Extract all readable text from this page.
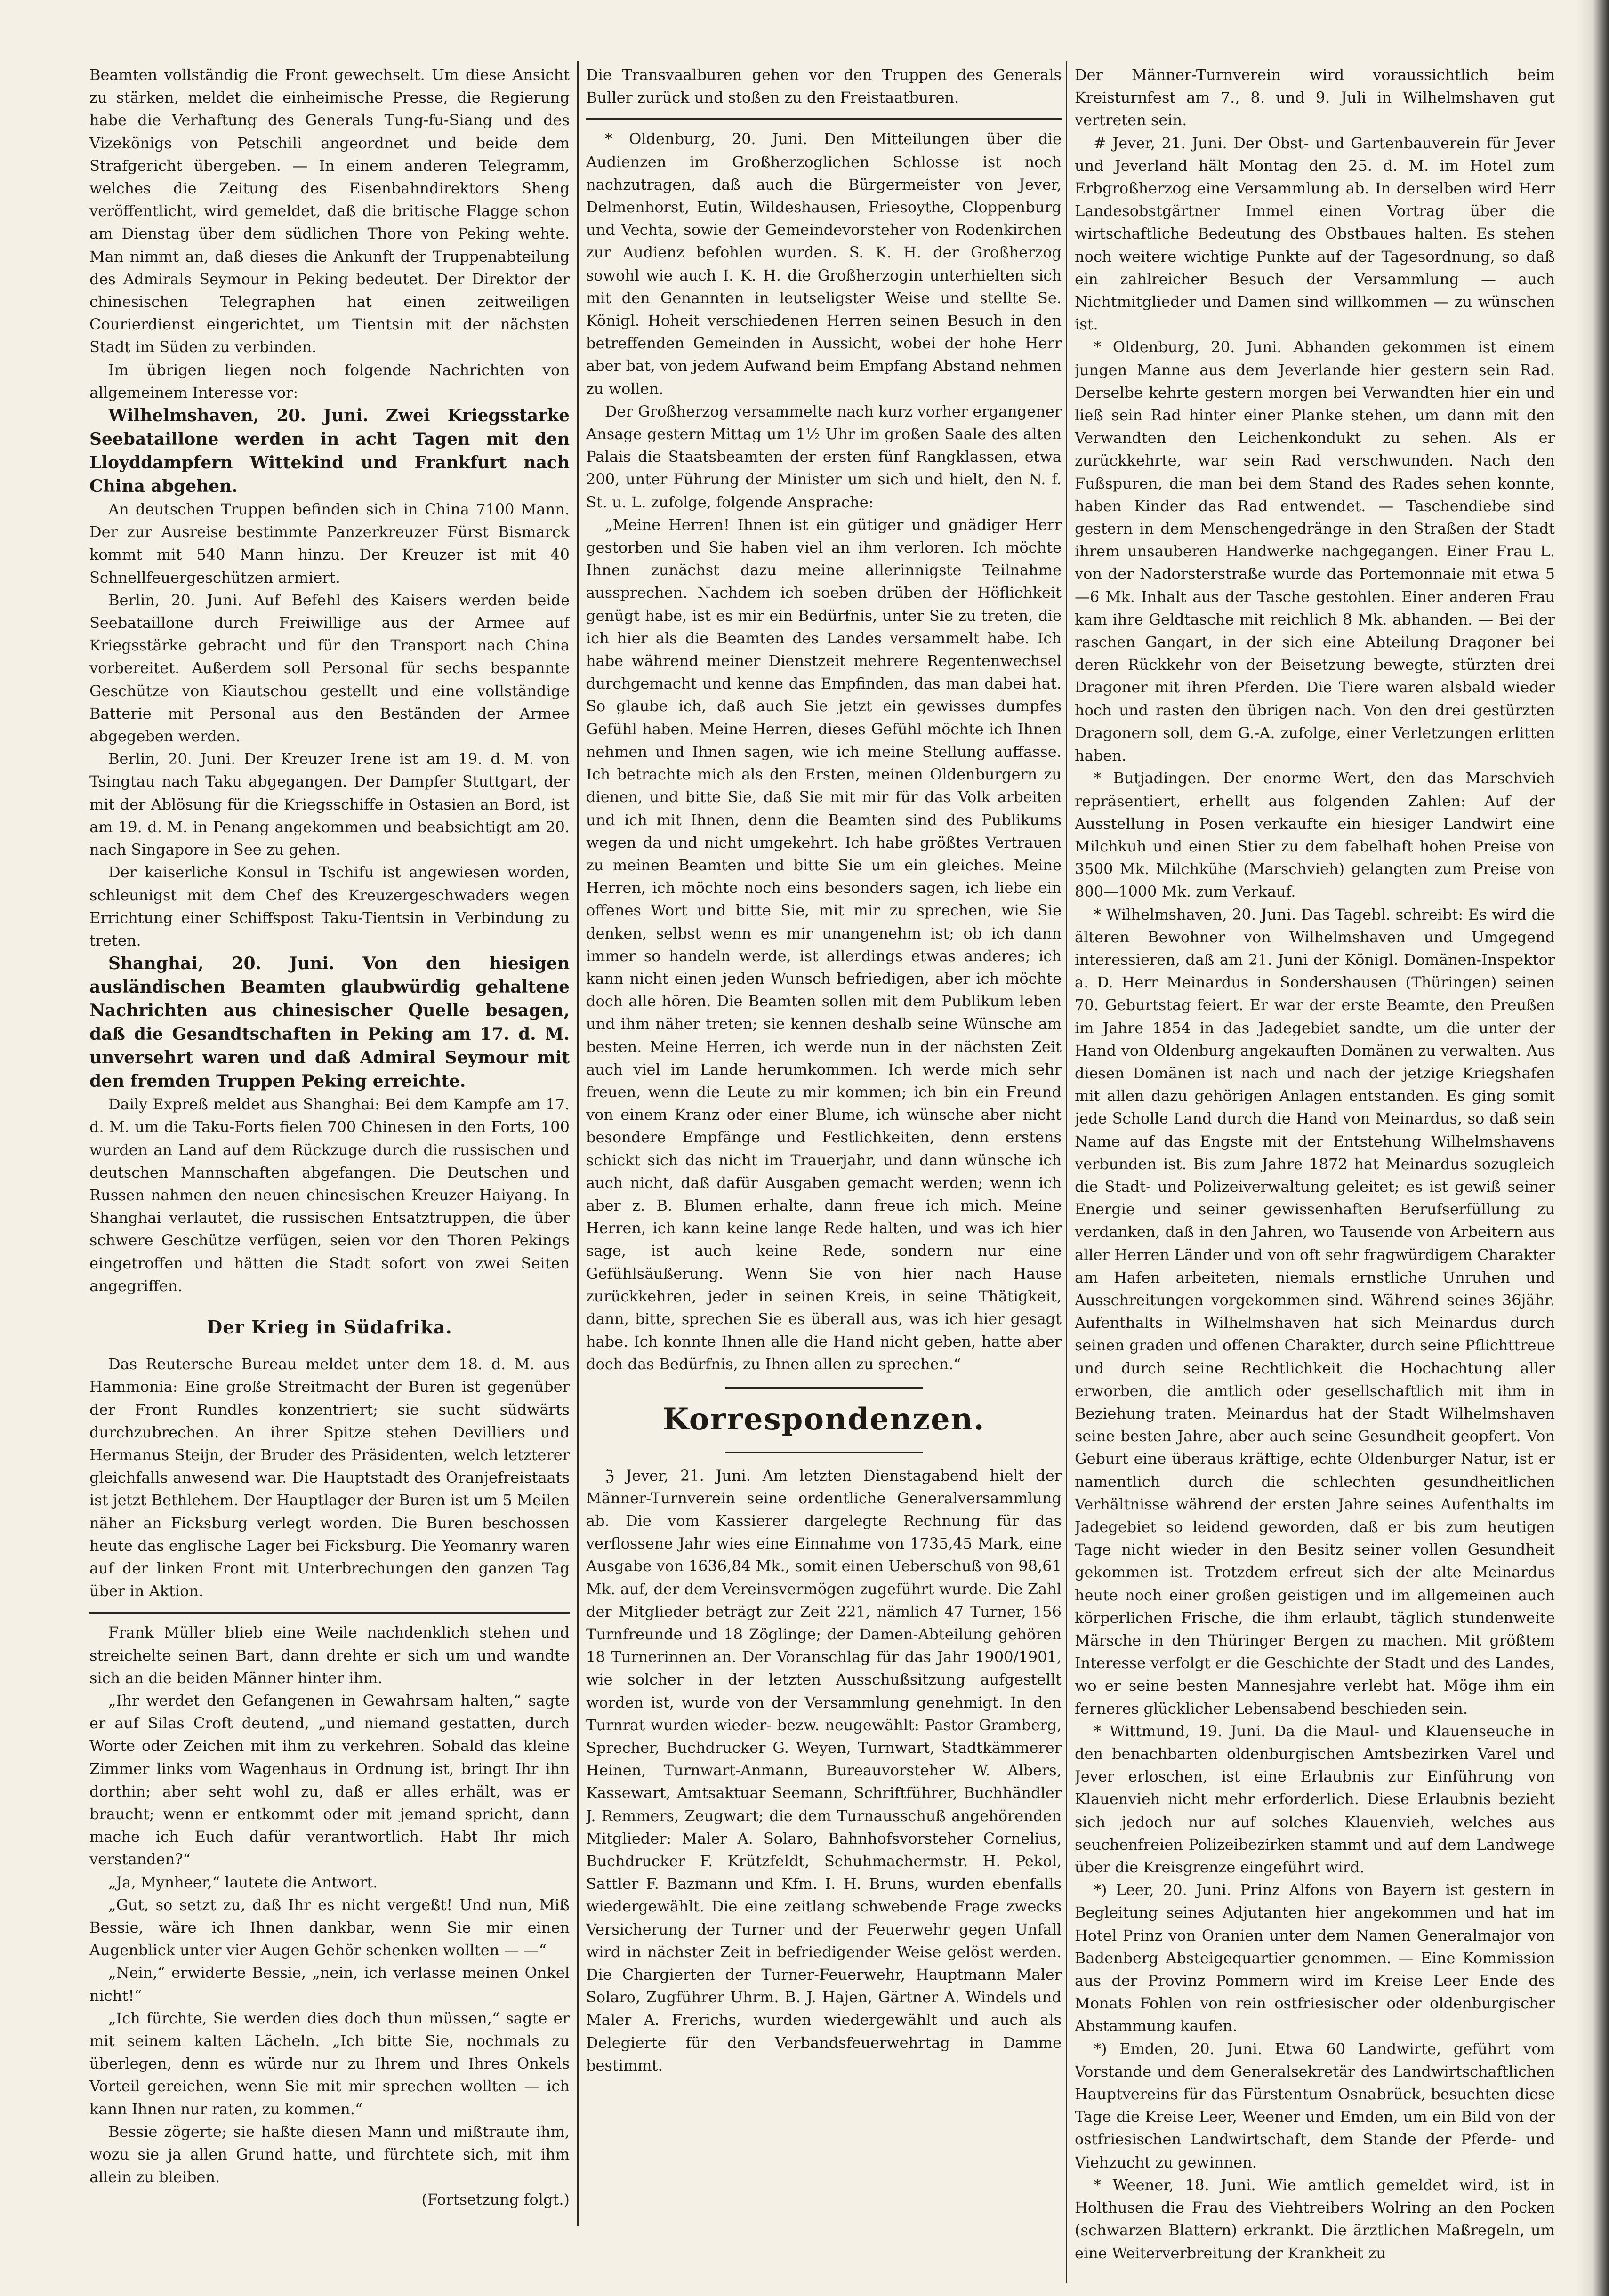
Beamten vollständig die Front gewechselt. Um diese Ansicht zu stärken, meldet die einheimische Presse, die Regierung habe die Verhaftung des Generals Tung-fu-Siang und des Vizekönigs von Petschili angeordnet und beide dem Strafgericht übergeben. — In einem anderen Telegramm, welches die Zeitung des Eisenbahndirektors Sheng veröffentlicht, wird gemeldet, daß die britische Flagge schon am Dienstag über dem südlichen Thore von Peking wehte. Man nimmt an, daß dieses die Ankunft der Truppenabteilung des Admirals Seymour in Peking bedeutet. Der Direktor der chinesischen Telegraphen hat einen zeitweiligen Courierdienst eingerichtet, um Tientsin mit der nächsten Stadt im Süden zu verbinden.

Im übrigen liegen noch folgende Nachrichten von allgemeinem Interesse vor:

Wilhelmshaven, 20. Juni. Zwei Kriegsstarke Seebataillone werden in acht Tagen mit den Lloyddampfern Wittekind und Frankfurt nach China abgehen.

An deutschen Truppen befinden sich in China 7100 Mann. Der zur Ausreise bestimmte Panzerkreuzer Fürst Bismarck kommt mit 540 Mann hinzu. Der Kreuzer ist mit 40 Schnellfeuergeschützen armiert.

Berlin, 20. Juni. Auf Befehl des Kaisers werden beide Seebataillone durch Freiwillige aus der Armee auf Kriegsstärke gebracht und für den Transport nach China vorbereitet. Außerdem soll Personal für sechs bespannte Geschütze von Kiautschou gestellt und eine vollständige Batterie mit Personal aus den Beständen der Armee abgegeben werden.

Berlin, 20. Juni. Der Kreuzer Irene ist am 19. d. M. von Tsingtau nach Taku abgegangen. Der Dampfer Stuttgart, der mit der Ablösung für die Kriegsschiffe in Ostasien an Bord, ist am 19. d. M. in Penang angekommen und beabsichtigt am 20. nach Singapore in See zu gehen.

Der kaiserliche Konsul in Tschifu ist angewiesen worden, schleunigst mit dem Chef des Kreuzergeschwaders wegen Errichtung einer Schiffspost Taku-Tientsin in Verbindung zu treten.

Shanghai, 20. Juni. Von den hiesigen ausländischen Beamten glaubwürdig gehaltene Nachrichten aus chinesischer Quelle besagen, daß die Gesandtschaften in Peking am 17. d. M. unversehrt waren und daß Admiral Seymour mit den fremden Truppen Peking erreichte.

Daily Expreß meldet aus Shanghai: Bei dem Kampfe am 17. d. M. um die Taku-Forts fielen 700 Chinesen in den Forts, 100 wurden an Land auf dem Rückzuge durch die russischen und deutschen Mannschaften abgefangen. Die Deutschen und Russen nahmen den neuen chinesischen Kreuzer Haiyang. In Shanghai verlautet, die russischen Entsatztruppen, die über schwere Geschütze verfügen, seien vor den Thoren Pekings eingetroffen und hätten die Stadt sofort von zwei Seiten angegriffen.

Der Krieg in Südafrika.

Das Reutersche Bureau meldet unter dem 18. d. M. aus Hammonia: Eine große Streitmacht der Buren ist gegenüber der Front Rundles konzentriert; sie sucht südwärts durchzubrechen. An ihrer Spitze stehen Devilliers und Hermanus Steijn, der Bruder des Präsidenten, welch letzterer gleichfalls anwesend war. Die Hauptstadt des Oranjefreistaats ist jetzt Bethlehem. Der Hauptlager der Buren ist um 5 Meilen näher an Ficksburg verlegt worden. Die Buren beschossen heute das englische Lager bei Ficksburg. Die Yeomanry waren auf der linken Front mit Unterbrechungen den ganzen Tag über in Aktion.

Frank Müller blieb eine Weile nachdenklich stehen und streichelte seinen Bart, dann drehte er sich um und wandte sich an die beiden Männer hinter ihm.

„Ihr werdet den Gefangenen in Gewahrsam halten,“ sagte er auf Silas Croft deutend, „und niemand gestatten, durch Worte oder Zeichen mit ihm zu verkehren. Sobald das kleine Zimmer links vom Wagenhaus in Ordnung ist, bringt Ihr ihn dorthin; aber seht wohl zu, daß er alles erhält, was er braucht; wenn er entkommt oder mit jemand spricht, dann mache ich Euch dafür verantwortlich. Habt Ihr mich verstanden?“

„Ja, Mynheer,“ lautete die Antwort.

„Gut, so setzt zu, daß Ihr es nicht vergeßt! Und nun, Miß Bessie, wäre ich Ihnen dankbar, wenn Sie mir einen Augenblick unter vier Augen Gehör schenken wollten — —“

„Nein,“ erwiderte Bessie, „nein, ich verlasse meinen Onkel nicht!“

„Ich fürchte, Sie werden dies doch thun müssen,“ sagte er mit seinem kalten Lächeln. „Ich bitte Sie, nochmals zu überlegen, denn es würde nur zu Ihrem und Ihres Onkels Vorteil gereichen, wenn Sie mit mir sprechen wollten — ich kann Ihnen nur raten, zu kommen.“

Bessie zögerte; sie haßte diesen Mann und mißtraute ihm, wozu sie ja allen Grund hatte, und fürchtete sich, mit ihm allein zu bleiben.

(Fortsetzung folgt.)

Die Transvaalburen gehen vor den Truppen des Generals Buller zurück und stoßen zu den Freistaatburen.

* Oldenburg, 20. Juni. Den Mitteilungen über die Audienzen im Großherzoglichen Schlosse ist noch nachzutragen, daß auch die Bürgermeister von Jever, Delmenhorst, Eutin, Wildeshausen, Friesoythe, Cloppenburg und Vechta, sowie der Gemeindevorsteher von Rodenkirchen zur Audienz befohlen wurden. S. K. H. der Großherzog sowohl wie auch I. K. H. die Großherzogin unterhielten sich mit den Genannten in leutseligster Weise und stellte Se. Königl. Hoheit verschiedenen Herren seinen Besuch in den betreffenden Gemeinden in Aussicht, wobei der hohe Herr aber bat, von jedem Aufwand beim Empfang Abstand nehmen zu wollen.

Der Großherzog versammelte nach kurz vorher ergangener Ansage gestern Mittag um 1½ Uhr im großen Saale des alten Palais die Staatsbeamten der ersten fünf Rangklassen, etwa 200, unter Führung der Minister um sich und hielt, den N. f. St. u. L. zufolge, folgende Ansprache:

„Meine Herren! Ihnen ist ein gütiger und gnädiger Herr gestorben und Sie haben viel an ihm verloren. Ich möchte Ihnen zunächst dazu meine allerinnigste Teilnahme aussprechen. Nachdem ich soeben drüben der Höflichkeit genügt habe, ist es mir ein Bedürfnis, unter Sie zu treten, die ich hier als die Beamten des Landes versammelt habe. Ich habe während meiner Dienstzeit mehrere Regentenwechsel durchgemacht und kenne das Empfinden, das man dabei hat. So glaube ich, daß auch Sie jetzt ein gewisses dumpfes Gefühl haben. Meine Herren, dieses Gefühl möchte ich Ihnen nehmen und Ihnen sagen, wie ich meine Stellung auffasse. Ich betrachte mich als den Ersten, meinen Oldenburgern zu dienen, und bitte Sie, daß Sie mit mir für das Volk arbeiten und ich mit Ihnen, denn die Beamten sind des Publikums wegen da und nicht umgekehrt. Ich habe größtes Vertrauen zu meinen Beamten und bitte Sie um ein gleiches. Meine Herren, ich möchte noch eins besonders sagen, ich liebe ein offenes Wort und bitte Sie, mit mir zu sprechen, wie Sie denken, selbst wenn es mir unangenehm ist; ob ich dann immer so handeln werde, ist allerdings etwas anderes; ich kann nicht einen jeden Wunsch befriedigen, aber ich möchte doch alle hören. Die Beamten sollen mit dem Publikum leben und ihm näher treten; sie kennen deshalb seine Wünsche am besten. Meine Herren, ich werde nun in der nächsten Zeit auch viel im Lande herumkommen. Ich werde mich sehr freuen, wenn die Leute zu mir kommen; ich bin ein Freund von einem Kranz oder einer Blume, ich wünsche aber nicht besondere Empfänge und Festlichkeiten, denn erstens schickt sich das nicht im Trauerjahr, und dann wünsche ich auch nicht, daß dafür Ausgaben gemacht werden; wenn ich aber z. B. Blumen erhalte, dann freue ich mich. Meine Herren, ich kann keine lange Rede halten, und was ich hier sage, ist auch keine Rede, sondern nur eine Gefühlsäußerung. Wenn Sie von hier nach Hause zurückkehren, jeder in seinen Kreis, in seine Thätigkeit, dann, bitte, sprechen Sie es überall aus, was ich hier gesagt habe. Ich konnte Ihnen alle die Hand nicht geben, hatte aber doch das Bedürfnis, zu Ihnen allen zu sprechen.“

Korrespondenzen.

ℨ Jever, 21. Juni. Am letzten Dienstagabend hielt der Männer-Turnverein seine ordentliche Generalversammlung ab. Die vom Kassierer dargelegte Rechnung für das verflossene Jahr wies eine Einnahme von 1735,45 Mark, eine Ausgabe von 1636,84 Mk., somit einen Ueberschuß von 98,61 Mk. auf, der dem Vereinsvermögen zugeführt wurde. Die Zahl der Mitglieder beträgt zur Zeit 221, nämlich 47 Turner, 156 Turnfreunde und 18 Zöglinge; der Damen-Abteilung gehören 18 Turnerinnen an. Der Voranschlag für das Jahr 1900/1901, wie solcher in der letzten Ausschußsitzung aufgestellt worden ist, wurde von der Versammlung genehmigt. In den Turnrat wurden wieder- bezw. neugewählt: Pastor Gramberg, Sprecher, Buchdrucker G. Weyen, Turnwart, Stadtkämmerer Heinen, Turnwart-Anmann, Bureauvorsteher W. Albers, Kassewart, Amtsaktuar Seemann, Schriftführer, Buchhändler J. Remmers, Zeugwart; die dem Turnausschuß angehörenden Mitglieder: Maler A. Solaro, Bahnhofsvorsteher Cornelius, Buchdrucker F. Krützfeldt, Schuhmachermstr. H. Pekol, Sattler F. Bazmann und Kfm. I. H. Bruns, wurden ebenfalls wiedergewählt. Die eine zeitlang schwebende Frage zwecks Versicherung der Turner und der Feuerwehr gegen Unfall wird in nächster Zeit in befriedigender Weise gelöst werden. Die Chargierten der Turner-Feuerwehr, Hauptmann Maler Solaro, Zugführer Uhrm. B. J. Hajen, Gärtner A. Windels und Maler A. Frerichs, wurden wiedergewählt und auch als Delegierte für den Verbandsfeuerwehrtag in Damme bestimmt.

Der Männer-Turnverein wird voraussichtlich beim Kreisturnfest am 7., 8. und 9. Juli in Wilhelmshaven gut vertreten sein.

# Jever, 21. Juni. Der Obst- und Gartenbauverein für Jever und Jeverland hält Montag den 25. d. M. im Hotel zum Erbgroßherzog eine Versammlung ab. In derselben wird Herr Landesobstgärtner Immel einen Vortrag über die wirtschaftliche Bedeutung des Obstbaues halten. Es stehen noch weitere wichtige Punkte auf der Tagesordnung, so daß ein zahlreicher Besuch der Versammlung — auch Nichtmitglieder und Damen sind willkommen — zu wünschen ist.

* Oldenburg, 20. Juni. Abhanden gekommen ist einem jungen Manne aus dem Jeverlande hier gestern sein Rad. Derselbe kehrte gestern morgen bei Verwandten hier ein und ließ sein Rad hinter einer Planke stehen, um dann mit den Verwandten den Leichenkondukt zu sehen. Als er zurückkehrte, war sein Rad verschwunden. Nach den Fußspuren, die man bei dem Stand des Rades sehen konnte, haben Kinder das Rad entwendet. — Taschendiebe sind gestern in dem Menschengedränge in den Straßen der Stadt ihrem unsauberen Handwerke nachgegangen. Einer Frau L. von der Nadorsterstraße wurde das Portemonnaie mit etwa 5—6 Mk. Inhalt aus der Tasche gestohlen. Einer anderen Frau kam ihre Geldtasche mit reichlich 8 Mk. abhanden. — Bei der raschen Gangart, in der sich eine Abteilung Dragoner bei deren Rückkehr von der Beisetzung bewegte, stürzten drei Dragoner mit ihren Pferden. Die Tiere waren alsbald wieder hoch und rasten den übrigen nach. Von den drei gestürzten Dragonern soll, dem G.-A. zufolge, einer Verletzungen erlitten haben.

* Butjadingen. Der enorme Wert, den das Marschvieh repräsentiert, erhellt aus folgenden Zahlen: Auf der Ausstellung in Posen verkaufte ein hiesiger Landwirt eine Milchkuh und einen Stier zu dem fabelhaft hohen Preise von 3500 Mk. Milchkühe (Marschvieh) gelangten zum Preise von 800—1000 Mk. zum Verkauf.

* Wilhelmshaven, 20. Juni. Das Tagebl. schreibt: Es wird die älteren Bewohner von Wilhelmshaven und Umgegend interessieren, daß am 21. Juni der Königl. Domänen-Inspektor a. D. Herr Meinardus in Sondershausen (Thüringen) seinen 70. Geburtstag feiert. Er war der erste Beamte, den Preußen im Jahre 1854 in das Jadegebiet sandte, um die unter der Hand von Oldenburg angekauften Domänen zu verwalten. Aus diesen Domänen ist nach und nach der jetzige Kriegshafen mit allen dazu gehörigen Anlagen entstanden. Es ging somit jede Scholle Land durch die Hand von Meinardus, so daß sein Name auf das Engste mit der Entstehung Wilhelmshavens verbunden ist. Bis zum Jahre 1872 hat Meinardus sozugleich die Stadt- und Polizeiverwaltung geleitet; es ist gewiß seiner Energie und seiner gewissenhaften Berufserfüllung zu verdanken, daß in den Jahren, wo Tausende von Arbeitern aus aller Herren Länder und von oft sehr fragwürdigem Charakter am Hafen arbeiteten, niemals ernstliche Unruhen und Ausschreitungen vorgekommen sind. Während seines 36jähr. Aufenthalts in Wilhelmshaven hat sich Meinardus durch seinen graden und offenen Charakter, durch seine Pflichttreue und durch seine Rechtlichkeit die Hochachtung aller erworben, die amtlich oder gesellschaftlich mit ihm in Beziehung traten. Meinardus hat der Stadt Wilhelmshaven seine besten Jahre, aber auch seine Gesundheit geopfert. Von Geburt eine überaus kräftige, echte Oldenburger Natur, ist er namentlich durch die schlechten gesundheitlichen Verhältnisse während der ersten Jahre seines Aufenthalts im Jadegebiet so leidend geworden, daß er bis zum heutigen Tage nicht wieder in den Besitz seiner vollen Gesundheit gekommen ist. Trotzdem erfreut sich der alte Meinardus heute noch einer großen geistigen und im allgemeinen auch körperlichen Frische, die ihm erlaubt, täglich stundenweite Märsche in den Thüringer Bergen zu machen. Mit größtem Interesse verfolgt er die Geschichte der Stadt und des Landes, wo er seine besten Mannesjahre verlebt hat. Möge ihm ein ferneres glücklicher Lebensabend beschieden sein.

* Wittmund, 19. Juni. Da die Maul- und Klauenseuche in den benachbarten oldenburgischen Amtsbezirken Varel und Jever erloschen, ist eine Erlaubnis zur Einführung von Klauenvieh nicht mehr erforderlich. Diese Erlaubnis bezieht sich jedoch nur auf solches Klauenvieh, welches aus seuchenfreien Polizeibezirken stammt und auf dem Landwege über die Kreisgrenze eingeführt wird.

*) Leer, 20. Juni. Prinz Alfons von Bayern ist gestern in Begleitung seines Adjutanten hier angekommen und hat im Hotel Prinz von Oranien unter dem Namen Generalmajor von Badenberg Absteigequartier genommen. — Eine Kommission aus der Provinz Pommern wird im Kreise Leer Ende des Monats Fohlen von rein ostfriesischer oder oldenburgischer Abstammung kaufen.

*) Emden, 20. Juni. Etwa 60 Landwirte, geführt vom Vorstande und dem Generalsekretär des Landwirtschaftlichen Hauptvereins für das Fürstentum Osnabrück, besuchten diese Tage die Kreise Leer, Weener und Emden, um ein Bild von der ostfriesischen Landwirtschaft, dem Stande der Pferde- und Viehzucht zu gewinnen.

* Weener, 18. Juni. Wie amtlich gemeldet wird, ist in Holthusen die Frau des Viehtreibers Wolring an den Pocken (schwarzen Blattern) erkrankt. Die ärztlichen Maßregeln, um eine Weiterverbreitung der Krankheit zu
